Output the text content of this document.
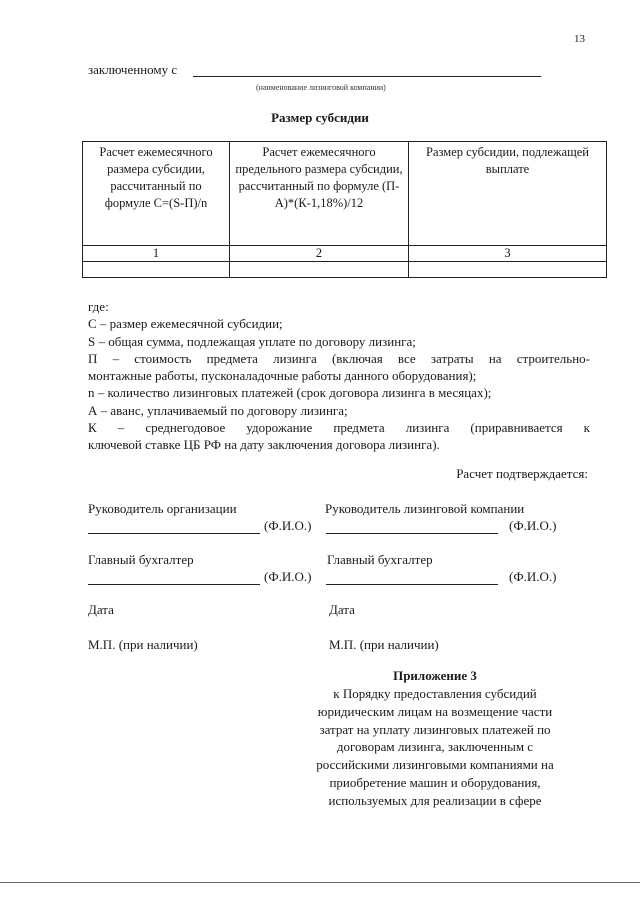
13
заключенному с
(наименование лизинговой компании)
Размер субсидии
Расчет ежемесячного размера субсидии, рассчитанный по формуле С=(S-П)/n	Расчет ежемесячного предельного размера субсидии, рассчитанный по формуле (П-А)*(К-1,18%)/12	Размер субсидии, подлежащей выплате
1	2	3

где:
С – размер ежемесячной субсидии;
S – общая сумма, подлежащая уплате по договору лизинга;
П – стоимость предмета лизинга (включая все затраты на строительно-
монтажные работы, пусконаладочные работы данного оборудования);
n – количество лизинговых платежей (срок договора лизинга в месяцах);
А – аванс, уплачиваемый по договору лизинга;
К – среднегодовое удорожание предмета лизинга (приравнивается к
ключевой ставке ЦБ РФ на дату заключения договора лизинга).
Расчет подтверждается:
Руководитель организации	Руководитель лизинговой компании
(Ф.И.О.)	(Ф.И.О.)
Главный бухгалтер	Главный бухгалтер
(Ф.И.О.)	(Ф.И.О.)
Дата	Дата
М.П. (при наличии)	М.П. (при наличии)
Приложение 3
к Порядку предоставления субсидий
юридическим лицам на возмещение части
затрат на уплату лизинговых платежей по
договорам лизинга, заключенным с
российскими лизинговыми компаниями на
приобретение машин и оборудования,
используемых для реализации в сфере
